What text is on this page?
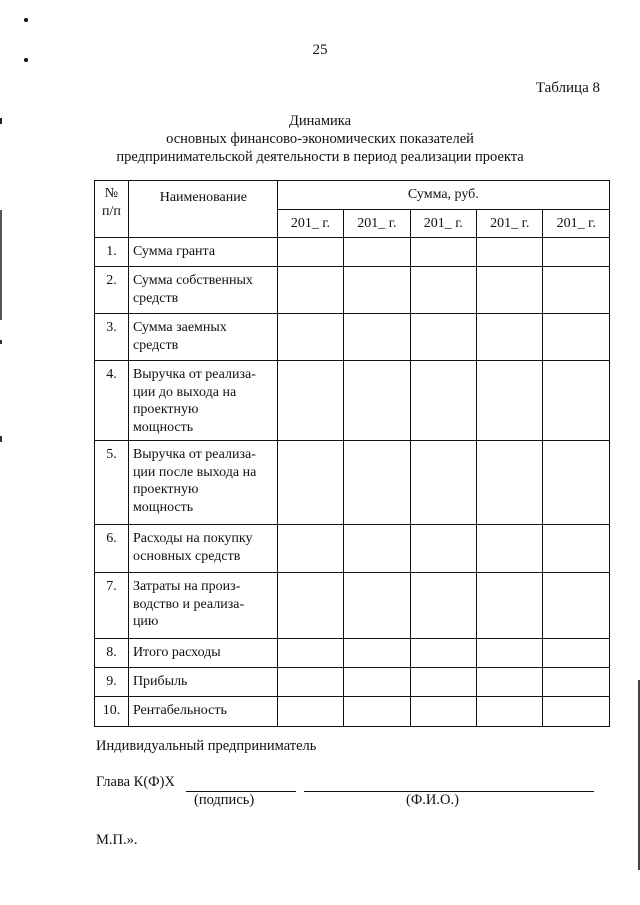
25
Таблица 8
Динамика
основных финансово-экономических показателей
предпринимательской деятельности в период реализации проекта
№
п/п	Наименование	Сумма, руб.				
		201_ г.	201_ г.	201_ г.	201_ г.	201_ г.
1.	Сумма гранта					
2.	Сумма собственных
средств					
3.	Сумма заемных
средств					
4.	Выручка от реализа-
ции до выхода на
проектную
мощность					
5.	Выручка от реализа-
ции после выхода на
проектную
мощность					
6.	Расходы на покупку
основных средств					
7.	Затраты на произ-
водство и реализа-
цию					
8.	Итого расходы					
9.	Прибыль					
10.	Рентабельность					
Индивидуальный предприниматель
Глава К(Ф)Х
(подпись)	(Ф.И.О.)
М.П.».
